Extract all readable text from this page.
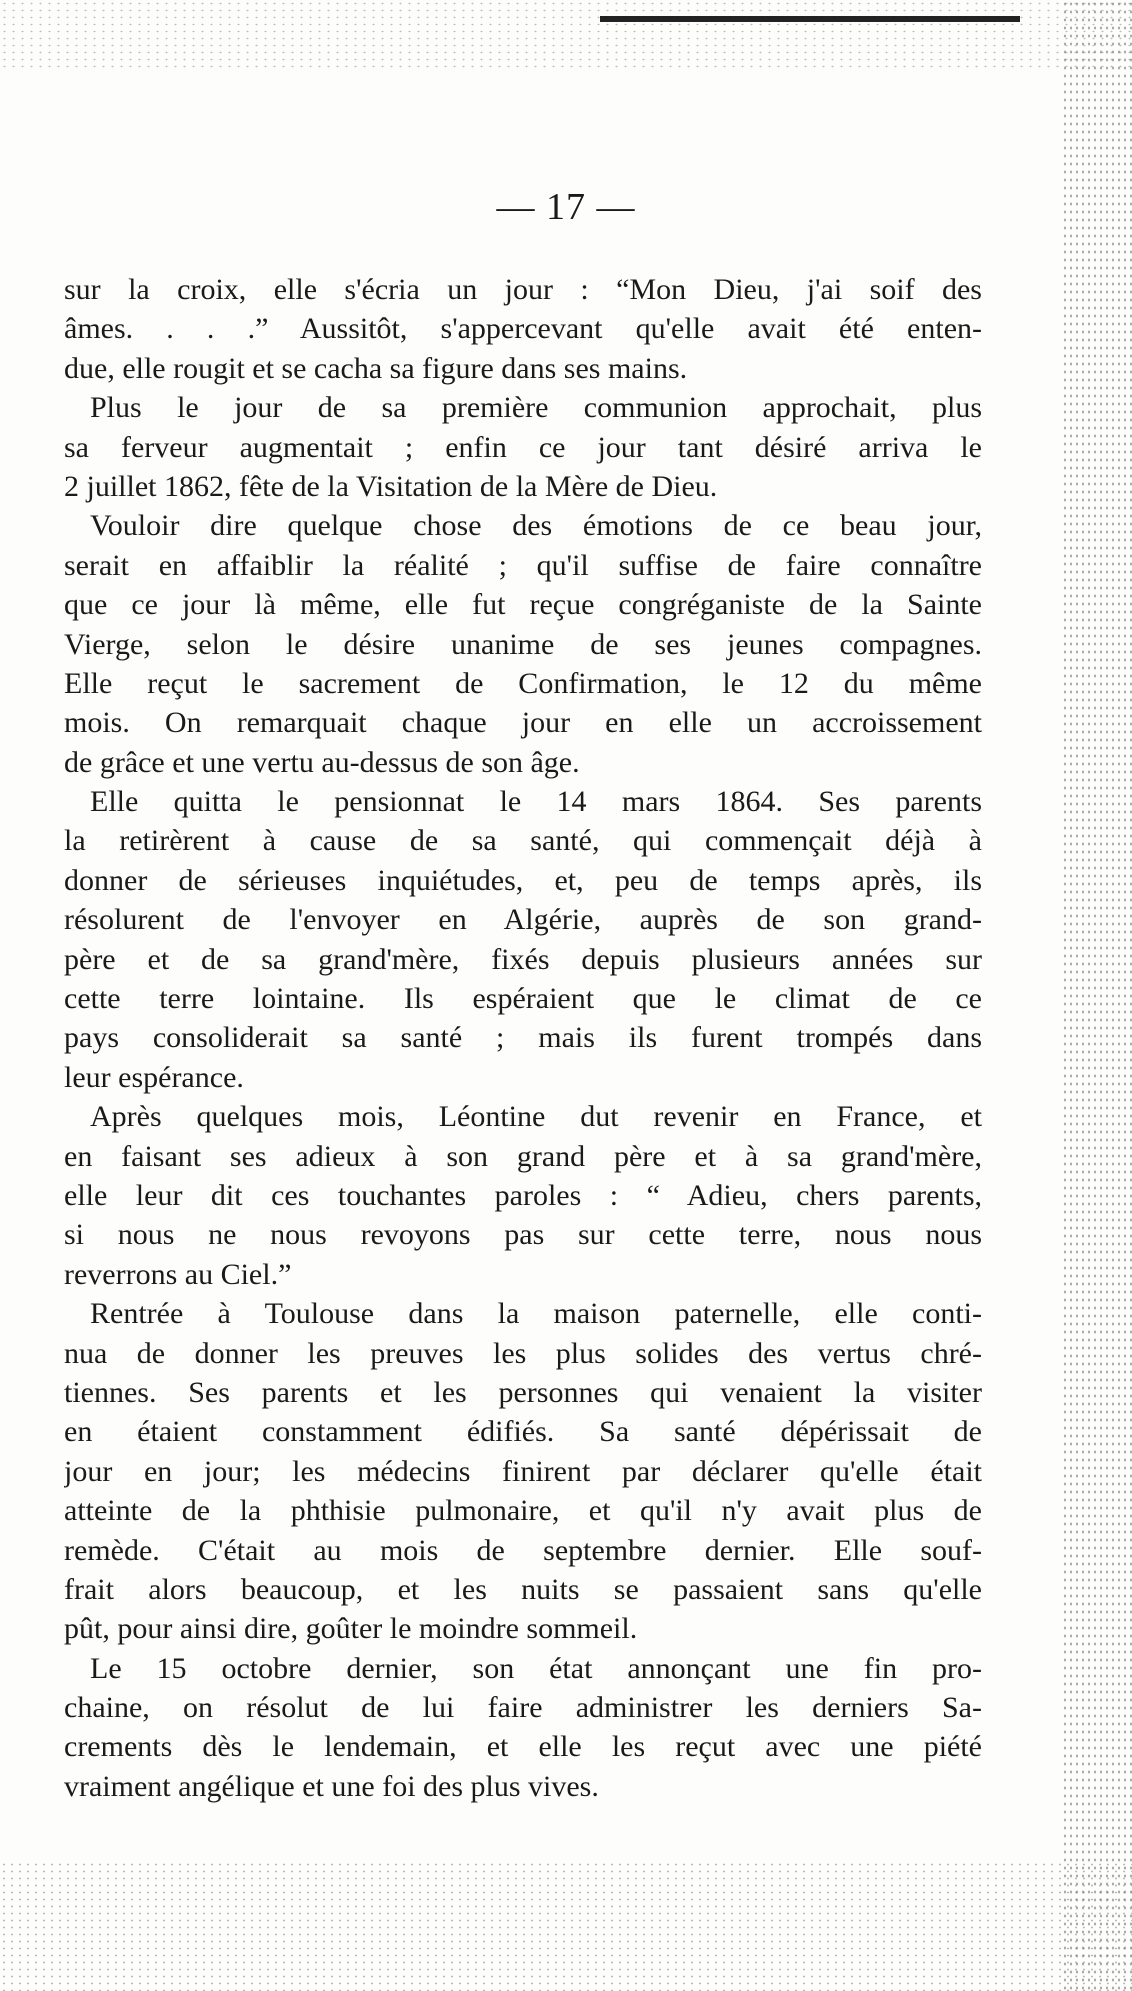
— 17 —
sur la croix, elle s'écria un jour : “Mon Dieu, j'ai soif des
âmes. . . .” Aussitôt, s'appercevant qu'elle avait été enten-
due, elle rougit et se cacha sa figure dans ses mains.
Plus le jour de sa première communion approchait, plus
sa ferveur augmentait ; enfin ce jour tant désiré arriva le
2 juillet 1862, fête de la Visitation de la Mère de Dieu.
Vouloir dire quelque chose des émotions de ce beau jour,
serait en affaiblir la réalité ; qu'il suffise de faire connaître
que ce jour là même, elle fut reçue congréganiste de la Sainte
Vierge, selon le désire unanime de ses jeunes compagnes.
Elle reçut le sacrement de Confirmation, le 12 du même
mois. On remarquait chaque jour en elle un accroissement
de grâce et une vertu au-dessus de son âge.
Elle quitta le pensionnat le 14 mars 1864. Ses parents
la retirèrent à cause de sa santé, qui commençait déjà à
donner de sérieuses inquiétudes, et, peu de temps après, ils
résolurent de l'envoyer en Algérie, auprès de son grand-
père et de sa grand'mère, fixés depuis plusieurs années sur
cette terre lointaine. Ils espéraient que le climat de ce
pays consoliderait sa santé ; mais ils furent trompés dans
leur espérance.
Après quelques mois, Léontine dut revenir en France, et
en faisant ses adieux à son grand père et à sa grand'mère,
elle leur dit ces touchantes paroles : “ Adieu, chers parents,
si nous ne nous revoyons pas sur cette terre, nous nous
reverrons au Ciel.”
Rentrée à Toulouse dans la maison paternelle, elle conti-
nua de donner les preuves les plus solides des vertus chré-
tiennes. Ses parents et les personnes qui venaient la visiter
en étaient constamment édifiés. Sa santé dépérissait de
jour en jour; les médecins finirent par déclarer qu'elle était
atteinte de la phthisie pulmonaire, et qu'il n'y avait plus de
remède. C'était au mois de septembre dernier. Elle souf-
frait alors beaucoup, et les nuits se passaient sans qu'elle
pût, pour ainsi dire, goûter le moindre sommeil.
Le 15 octobre dernier, son état annonçant une fin pro-
chaine, on résolut de lui faire administrer les derniers Sa-
crements dès le lendemain, et elle les reçut avec une piété
vraiment angélique et une foi des plus vives.
